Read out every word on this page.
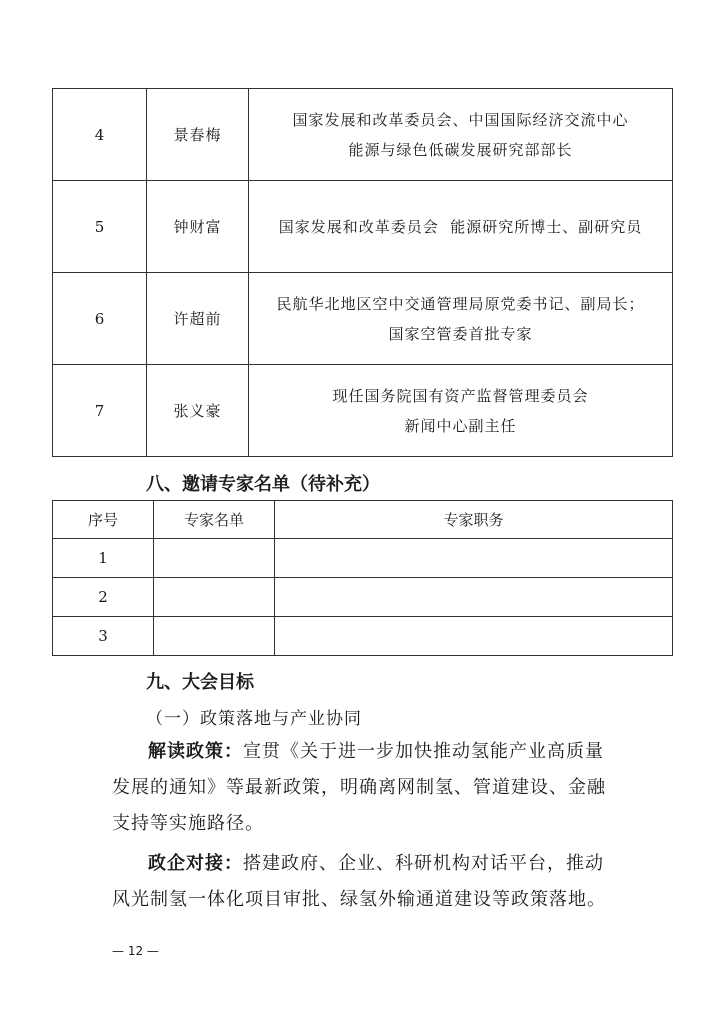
4	景春梅	国家发展和改革委员会、中国国际经济交流中心
能源与绿色低碳发展研究部部长

5	钟财富	国家发展和改革委员会  能源研究所博士、副研究员

6	许超前	民航华北地区空中交通管理局原党委书记、副局长；
国家空管委首批专家

7	张义豪	现任国务院国有资产监督管理委员会
新闻中心副主任
八、邀请专家名单（待补充）
序号	专家名单	专家职务
1		
2		
3		
九、大会目标
（一）政策落地与产业协同
解读政策：宣贯《关于进一步加快推动氢能产业高质量发展的通知》等最新政策，明确离网制氢、管道建设、金融支持等实施路径。
政企对接：搭建政府、企业、科研机构对话平台，推动风光制氢一体化项目审批、绿氢外输通道建设等政策落地。
— 12 —
